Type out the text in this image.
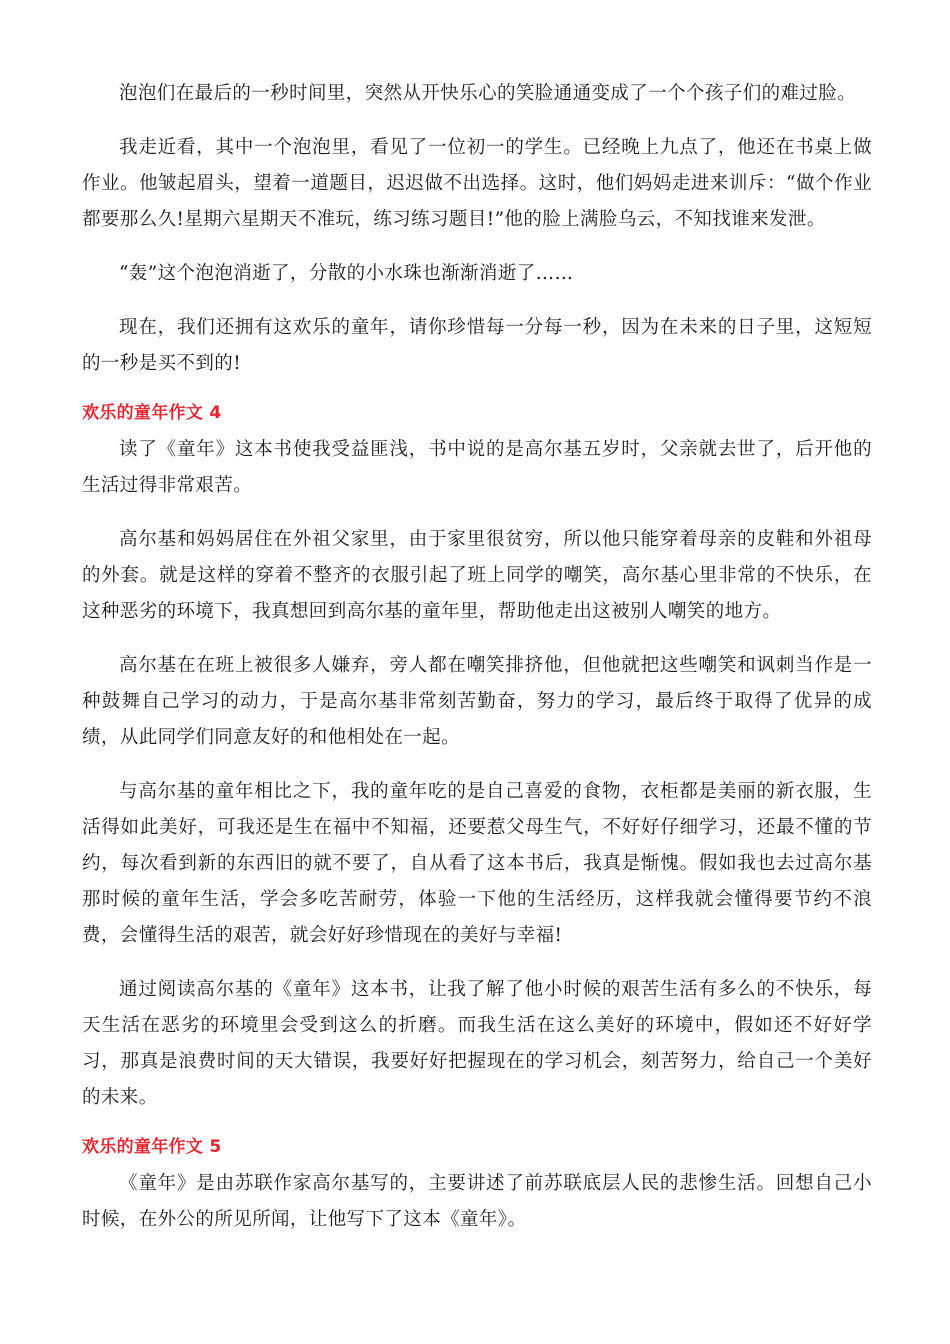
泡泡们在最后的一秒时间里，突然从开快乐心的笑脸通通变成了一个个孩子们的难过脸。

我走近看，其中一个泡泡里，看见了一位初一的学生。已经晚上九点了，他还在书桌上做作业。他皱起眉头，望着一道题目，迟迟做不出选择。这时，他们妈妈走进来训斥：“做个作业都要那么久!星期六星期天不准玩，练习练习题目!”他的脸上满脸乌云，不知找谁来发泄。

“轰”这个泡泡消逝了，分散的小水珠也渐渐消逝了……

现在，我们还拥有这欢乐的童年，请你珍惜每一分每一秒，因为在未来的日子里，这短短的一秒是买不到的!

欢乐的童年作文 4

读了《童年》这本书使我受益匪浅，书中说的是高尔基五岁时，父亲就去世了，后开他的生活过得非常艰苦。

高尔基和妈妈居住在外祖父家里，由于家里很贫穷，所以他只能穿着母亲的皮鞋和外祖母的外套。就是这样的穿着不整齐的衣服引起了班上同学的嘲笑，高尔基心里非常的不快乐，在这种恶劣的环境下，我真想回到高尔基的童年里，帮助他走出这被别人嘲笑的地方。

高尔基在在班上被很多人嫌弃，旁人都在嘲笑排挤他，但他就把这些嘲笑和讽刺当作是一种鼓舞自己学习的动力，于是高尔基非常刻苦勤奋，努力的学习，最后终于取得了优异的成绩，从此同学们同意友好的和他相处在一起。

与高尔基的童年相比之下，我的童年吃的是自己喜爱的食物，衣柜都是美丽的新衣服，生活得如此美好，可我还是生在福中不知福，还要惹父母生气，不好好仔细学习，还最不懂的节约，每次看到新的东西旧的就不要了，自从看了这本书后，我真是惭愧。假如我也去过高尔基那时候的童年生活，学会多吃苦耐劳，体验一下他的生活经历，这样我就会懂得要节约不浪费，会懂得生活的艰苦，就会好好珍惜现在的美好与幸福!

通过阅读高尔基的《童年》这本书，让我了解了他小时候的艰苦生活有多么的不快乐，每天生活在恶劣的环境里会受到这么的折磨。而我生活在这么美好的环境中，假如还不好好学习，那真是浪费时间的天大错误，我要好好把握现在的学习机会，刻苦努力，给自己一个美好的未来。

欢乐的童年作文 5

《童年》是由苏联作家高尔基写的，主要讲述了前苏联底层人民的悲惨生活。回想自己小时候，在外公的所见所闻，让他写下了这本《童年》。
